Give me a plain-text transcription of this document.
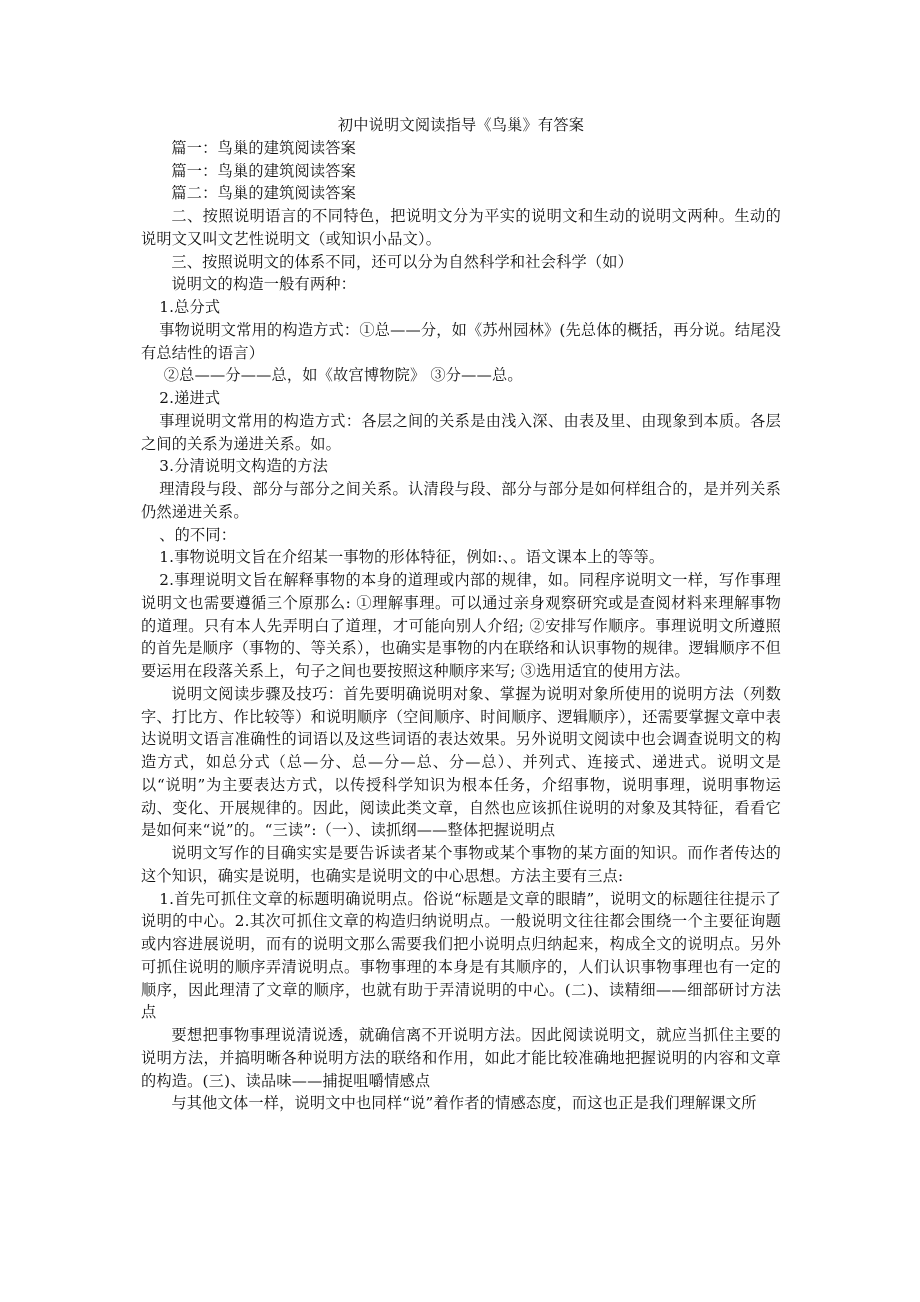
初中说明文阅读指导《鸟巢》有答案

篇一：鸟巢的建筑阅读答案

篇一：鸟巢的建筑阅读答案

篇二：鸟巢的建筑阅读答案

二、按照说明语言的不同特色，把说明文分为平实的说明文和生动的说明文两种。生动的说明文又叫文艺性说明文（或知识小品文）。

三、按照说明文的体系不同，还可以分为自然科学和社会科学（如）

说明文的构造一般有两种：

1.总分式

事物说明文常用的构造方式：①总——分，如《苏州园林》(先总体的概括，再分说。结尾没有总结性的语言）

②总——分——总，如《故宫博物院》 ③分——总。

2.递进式

事理说明文常用的构造方式：各层之间的关系是由浅入深、由表及里、由现象到本质。各层之间的关系为递进关系。如。

3.分清说明文构造的方法

理清段与段、部分与部分之间关系。认清段与段、部分与部分是如何样组合的，是并列关系仍然递进关系。

、的不同：

1.事物说明文旨在介绍某一事物的形体特征，例如:、。语文课本上的等等。

2.事理说明文旨在解释事物的本身的道理或内部的规律，如。同程序说明文一样，写作事理说明文也需要遵循三个原那么: ①理解事理。可以通过亲身观察研究或是查阅材料来理解事物的道理。只有本人先弄明白了道理，才可能向别人介绍; ②安排写作顺序。事理说明文所遵照的首先是顺序（事物的、等关系），也确实是事物的内在联络和认识事物的规律。逻辑顺序不但要运用在段落关系上，句子之间也要按照这种顺序来写; ③选用适宜的使用方法。

说明文阅读步骤及技巧：首先要明确说明对象、掌握为说明对象所使用的说明方法（列数字、打比方、作比较等）和说明顺序（空间顺序、时间顺序、逻辑顺序），还需要掌握文章中表达说明文语言准确性的词语以及这些词语的表达效果。另外说明文阅读中也会调查说明文的构造方式，如总分式（总—分、总—分—总、分—总）、并列式、连接式、递进式。说明文是以“说明”为主要表达方式，以传授科学知识为根本任务，介绍事物，说明事理，说明事物运动、变化、开展规律的。因此，阅读此类文章，自然也应该抓住说明的对象及其特征，看看它是如何来“说”的。“三读”:（一）、读抓纲——整体把握说明点

说明文写作的目确实实是要告诉读者某个事物或某个事物的某方面的知识。而作者传达的这个知识，确实是说明，也确实是说明文的中心思想。方法主要有三点:

1.首先可抓住文章的标题明确说明点。俗说“标题是文章的眼睛”，说明文的标题往往提示了说明的中心。2.其次可抓住文章的构造归纳说明点。一般说明文往往都会围绕一个主要征询题或内容进展说明，而有的说明文那么需要我们把小说明点归纳起来，构成全文的说明点。另外可抓住说明的顺序弄清说明点。事物事理的本身是有其顺序的，人们认识事物事理也有一定的顺序，因此理清了文章的顺序，也就有助于弄清说明的中心。(二)、读精细——细部研讨方法点

要想把事物事理说清说透，就确信离不开说明方法。因此阅读说明文，就应当抓住主要的说明方法，并搞明晰各种说明方法的联络和作用，如此才能比较准确地把握说明的内容和文章的构造。(三)、读品味——捕捉咀嚼情感点

与其他文体一样，说明文中也同样“说”着作者的情感态度，而这也正是我们理解课文所
